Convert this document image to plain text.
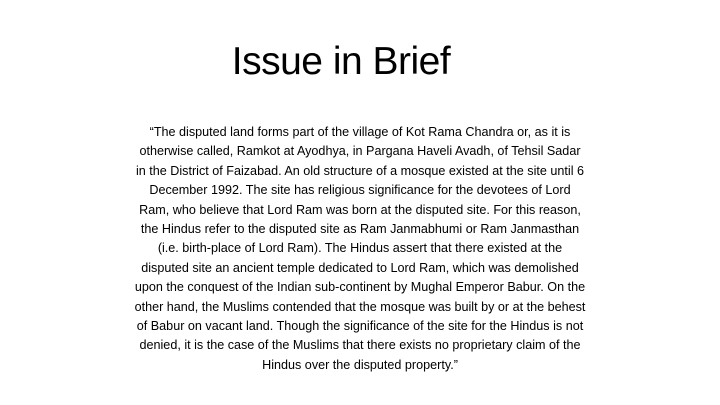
Issue in Brief
“The disputed land forms part of the village of Kot Rama Chandra or, as it is
otherwise called, Ramkot at Ayodhya, in Pargana Haveli Avadh, of Tehsil Sadar
in the District of Faizabad. An old structure of a mosque existed at the site until 6
December 1992. The site has religious significance for the devotees of Lord
Ram, who believe that Lord Ram was born at the disputed site. For this reason,
the Hindus refer to the disputed site as Ram Janmabhumi or Ram Janmasthan
(i.e. birth-place of Lord Ram). The Hindus assert that there existed at the
disputed site an ancient temple dedicated to Lord Ram, which was demolished
upon the conquest of the Indian sub-continent by Mughal Emperor Babur. On the
other hand, the Muslims contended that the mosque was built by or at the behest
of Babur on vacant land. Though the significance of the site for the Hindus is not
denied, it is the case of the Muslims that there exists no proprietary claim of the
Hindus over the disputed property.”
